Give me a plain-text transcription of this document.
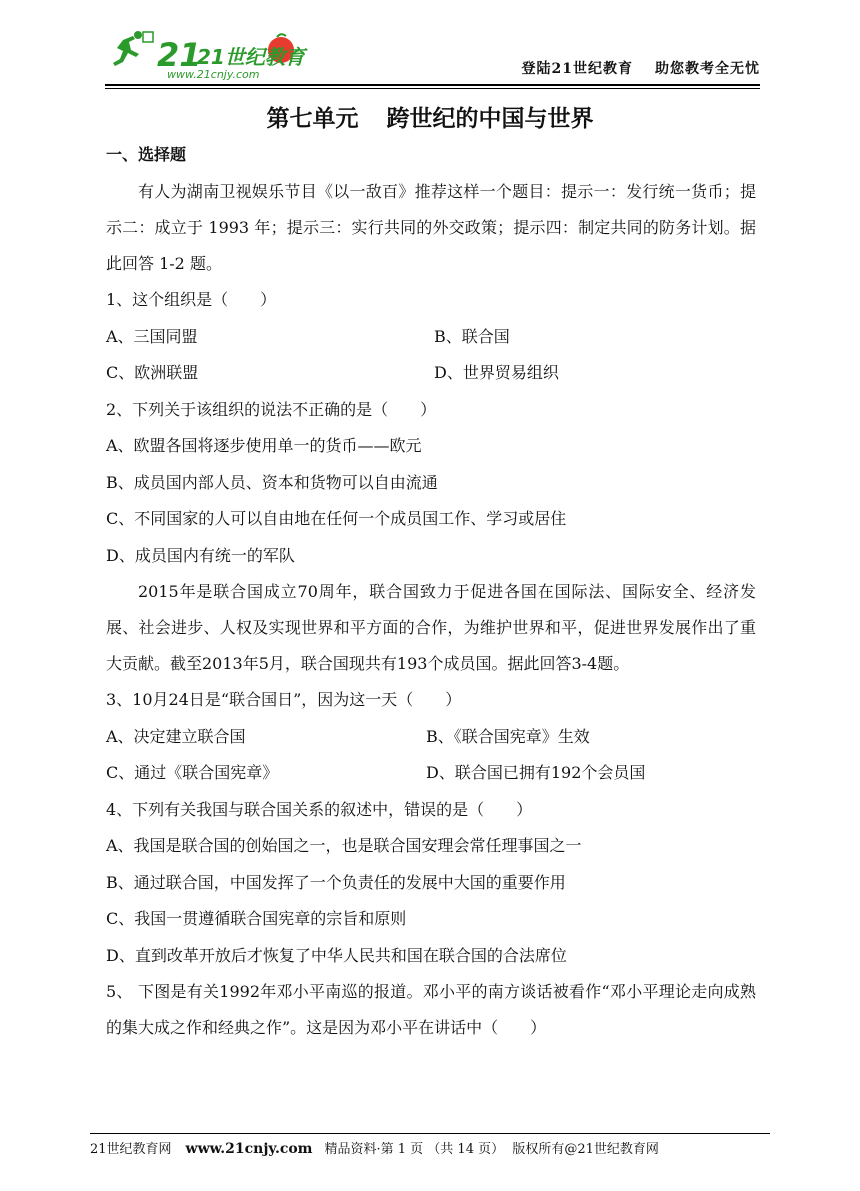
21
21世纪教育
www.21cnjy.com	登陆21世纪教育 助您教考全无忧
第七单元 跨世纪的中国与世界
一、选择题

有人为湖南卫视娱乐节目《以一敌百》推荐这样一个题目：提示一：发行统一货币；提示二：成立于 1993 年；提示三：实行共同的外交政策；提示四：制定共同的防务计划。据此回答 1-2 题。

1、这个组织是（　　）
A、三国同盟	B、联合国
C、欧洲联盟	D、世界贸易组织
2、下列关于该组织的说法不正确的是（　　）
A、欧盟各国将逐步使用单一的货币——欧元
B、成员国内部人员、资本和货物可以自由流通
C、不同国家的人可以自由地在任何一个成员国工作、学习或居住
D、成员国内有统一的军队

2015年是联合国成立70周年，联合国致力于促进各国在国际法、国际安全、经济发展、社会进步、人权及实现世界和平方面的合作，为维护世界和平，促进世界发展作出了重大贡献。截至2013年5月，联合国现共有193个成员国。据此回答3-4题。

3、10月24日是“联合国日”，因为这一天（　　）
A、决定建立联合国	B、《联合国宪章》生效
C、通过《联合国宪章》	D、联合国已拥有192个会员国
4、下列有关我国与联合国关系的叙述中，错误的是（　　）
A、我国是联合国的创始国之一，也是联合国安理会常任理事国之一
B、通过联合国，中国发挥了一个负责任的发展中大国的重要作用
C、我国一贯遵循联合国宪章的宗旨和原则
D、直到改革开放后才恢复了中华人民共和国在联合国的合法席位

5、 下图是有关1992年邓小平南巡的报道。邓小平的南方谈话被看作“邓小平理论走向成熟的集大成之作和经典之作”。这是因为邓小平在讲话中（　　）

21世纪教育网 www.21cnjy.com 精品资料·第 1 页 （共 14 页） 版权所有@21世纪教育网
